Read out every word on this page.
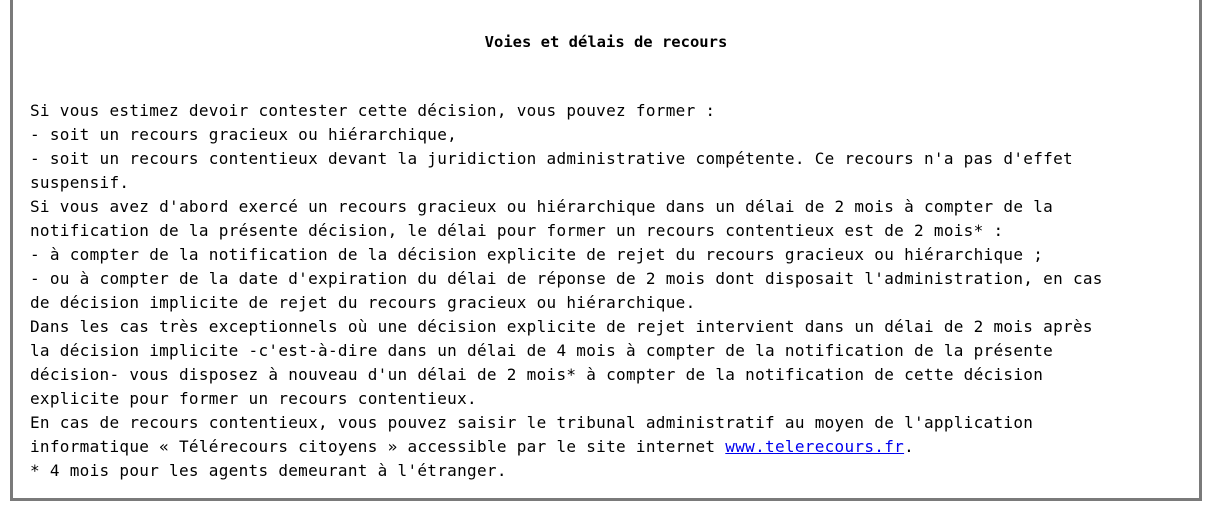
Voies et délais de recours
Si vous estimez devoir contester cette décision, vous pouvez former :
- soit un recours gracieux ou hiérarchique,
- soit un recours contentieux devant la juridiction administrative compétente. Ce recours n'a pas d'effet
suspensif.
Si vous avez d'abord exercé un recours gracieux ou hiérarchique dans un délai de 2 mois à compter de la
notification de la présente décision, le délai pour former un recours contentieux est de 2 mois* :
- à compter de la notification de la décision explicite de rejet du recours gracieux ou hiérarchique ;
- ou à compter de la date d'expiration du délai de réponse de 2 mois dont disposait l'administration, en cas
de décision implicite de rejet du recours gracieux ou hiérarchique.
Dans les cas très exceptionnels où une décision explicite de rejet intervient dans un délai de 2 mois après
la décision implicite -c'est-à-dire dans un délai de 4 mois à compter de la notification de la présente
décision- vous disposez à nouveau d'un délai de 2 mois* à compter de la notification de cette décision
explicite pour former un recours contentieux.
En cas de recours contentieux, vous pouvez saisir le tribunal administratif au moyen de l'application
informatique « Télérecours citoyens » accessible par le site internet www.telerecours.fr.
* 4 mois pour les agents demeurant à l'étranger.
